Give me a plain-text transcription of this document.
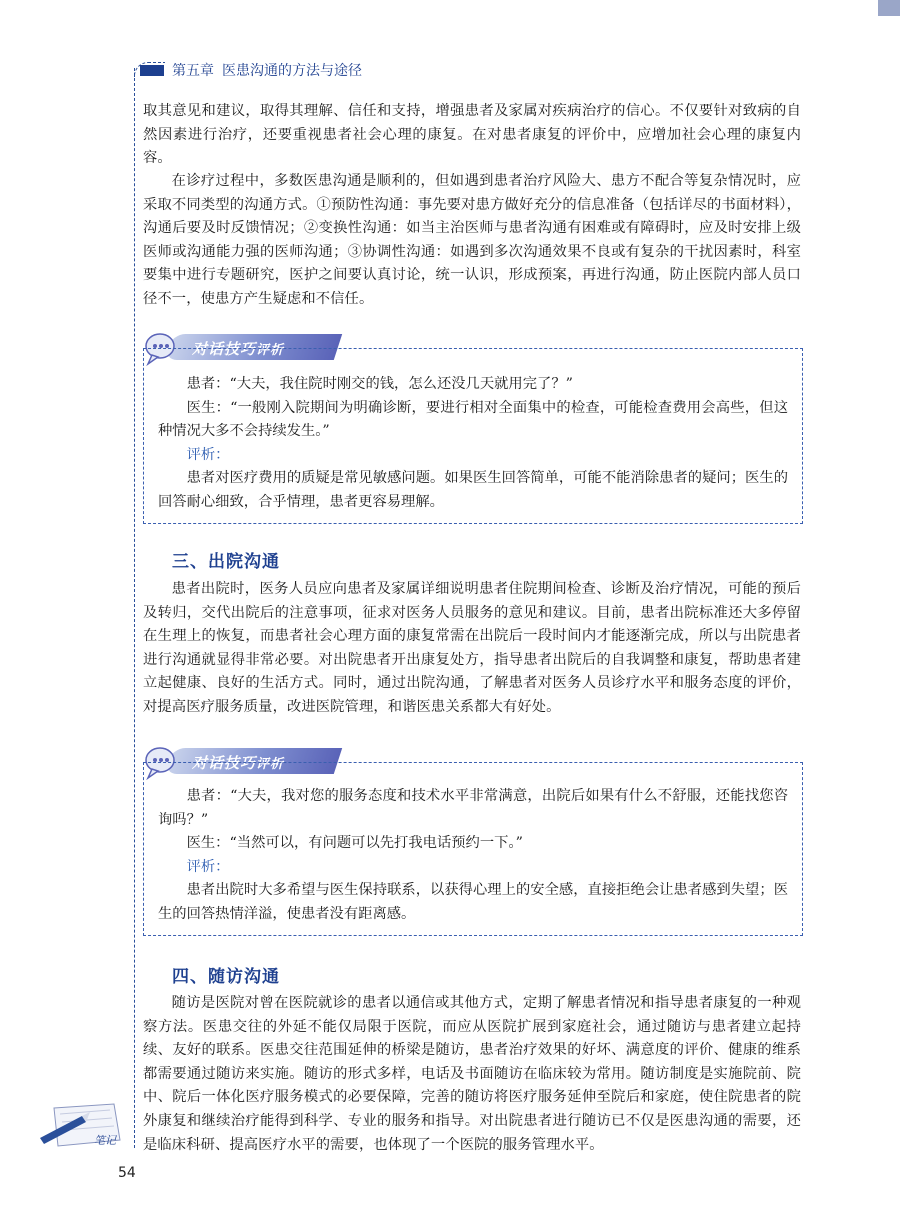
第五章 医患沟通的方法与途径

取其意见和建议，取得其理解、信任和支持，增强患者及家属对疾病治疗的信心。不仅要针对致病的自然因素进行治疗，还要重视患者社会心理的康复。在对患者康复的评价中，应增加社会心理的康复内容。

在诊疗过程中，多数医患沟通是顺利的，但如遇到患者治疗风险大、患方不配合等复杂情况时，应采取不同类型的沟通方式。①预防性沟通：事先要对患方做好充分的信息准备（包括详尽的书面材料），沟通后要及时反馈情况；②变换性沟通：如当主治医师与患者沟通有困难或有障碍时，应及时安排上级医师或沟通能力强的医师沟通；③协调性沟通：如遇到多次沟通效果不良或有复杂的干扰因素时，科室要集中进行专题研究，医护之间要认真讨论，统一认识，形成预案，再进行沟通，防止医院内部人员口径不一，使患方产生疑虑和不信任。

对话技巧评析

患者：“大夫，我住院时刚交的钱，怎么还没几天就用完了？”

医生：“一般刚入院期间为明确诊断，要进行相对全面集中的检查，可能检查费用会高些，但这种情况大多不会持续发生。”

评析：

患者对医疗费用的质疑是常见敏感问题。如果医生回答简单，可能不能消除患者的疑问；医生的回答耐心细致，合乎情理，患者更容易理解。

三、出院沟通

患者出院时，医务人员应向患者及家属详细说明患者住院期间检查、诊断及治疗情况，可能的预后及转归，交代出院后的注意事项，征求对医务人员服务的意见和建议。目前，患者出院标准还大多停留在生理上的恢复，而患者社会心理方面的康复常需在出院后一段时间内才能逐渐完成，所以与出院患者进行沟通就显得非常必要。对出院患者开出康复处方，指导患者出院后的自我调整和康复，帮助患者建立起健康、良好的生活方式。同时，通过出院沟通，了解患者对医务人员诊疗水平和服务态度的评价，对提高医疗服务质量，改进医院管理，和谐医患关系都大有好处。

对话技巧评析

患者：“大夫，我对您的服务态度和技术水平非常满意，出院后如果有什么不舒服，还能找您咨询吗？”

医生：“当然可以，有问题可以先打我电话预约一下。”

评析：

患者出院时大多希望与医生保持联系，以获得心理上的安全感，直接拒绝会让患者感到失望；医生的回答热情洋溢，使患者没有距离感。

四、随访沟通

随访是医院对曾在医院就诊的患者以通信或其他方式，定期了解患者情况和指导患者康复的一种观察方法。医患交往的外延不能仅局限于医院，而应从医院扩展到家庭社会，通过随访与患者建立起持续、友好的联系。医患交往范围延伸的桥梁是随访，患者治疗效果的好坏、满意度的评价、健康的维系都需要通过随访来实施。随访的形式多样，电话及书面随访在临床较为常用。随访制度是实施院前、院中、院后一体化医疗服务模式的必要保障，完善的随访将医疗服务延伸至院后和家庭，使住院患者的院外康复和继续治疗能得到科学、专业的服务和指导。对出院患者进行随访已不仅是医患沟通的需要，还是临床科研、提高医疗水平的需要，也体现了一个医院的服务管理水平。

笔记
54
